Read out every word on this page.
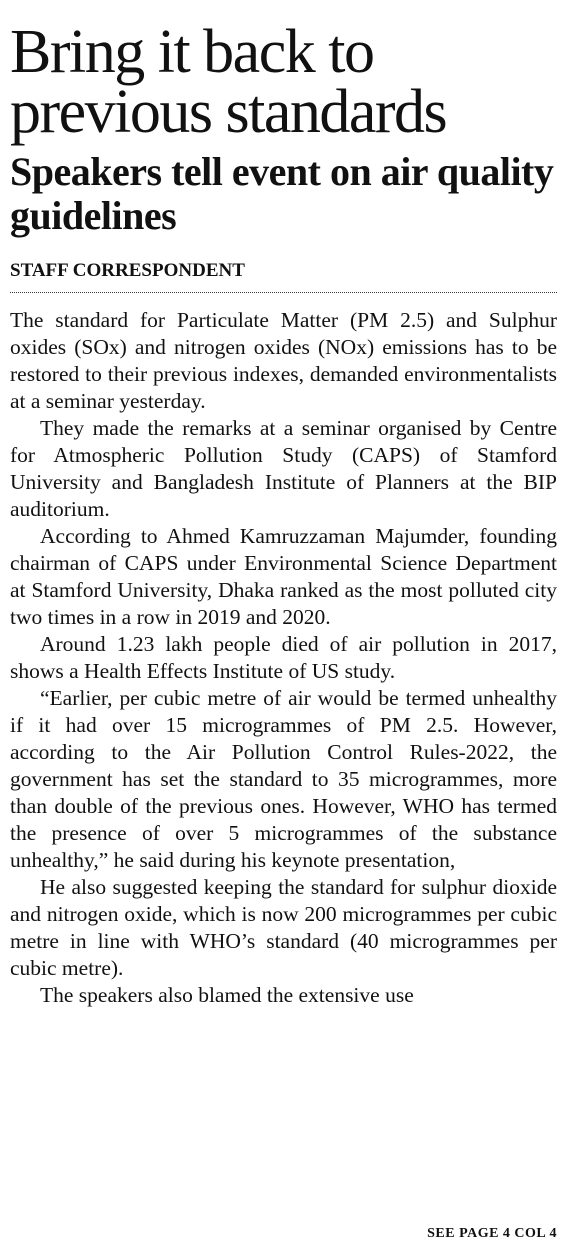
Bring it back to previous standards
Speakers tell event on air quality guidelines
STAFF CORRESPONDENT

The standard for Particulate Matter (PM 2.5) and Sulphur oxides (SOx) and nitrogen oxides (NOx) emissions has to be restored to their previous indexes, demanded environmentalists at a seminar yesterday.

They made the remarks at a seminar organised by Centre for Atmospheric Pollution Study (CAPS) of Stamford University and Bangladesh Institute of Planners at the BIP auditorium.

According to Ahmed Kamruzzaman Majumder, founding chairman of CAPS under Environmental Science Department at Stamford University, Dhaka ranked as the most polluted city two times in a row in 2019 and 2020.

Around 1.23 lakh people died of air pollution in 2017, shows a Health Effects Institute of US study.

“Earlier, per cubic metre of air would be termed unhealthy if it had over 15 microgrammes of PM 2.5. However, according to the Air Pollution Control Rules-2022, the government has set the standard to 35 microgrammes, more than double of the previous ones. However, WHO has termed the presence of over 5 microgrammes of the substance unhealthy,” he said during his keynote presentation,

He also suggested keeping the standard for sulphur dioxide and nitrogen oxide, which is now 200 microgrammes per cubic metre in line with WHO’s standard (40 microgrammes per cubic metre).

The speakers also blamed the extensive use

SEE PAGE 4 COL 4
